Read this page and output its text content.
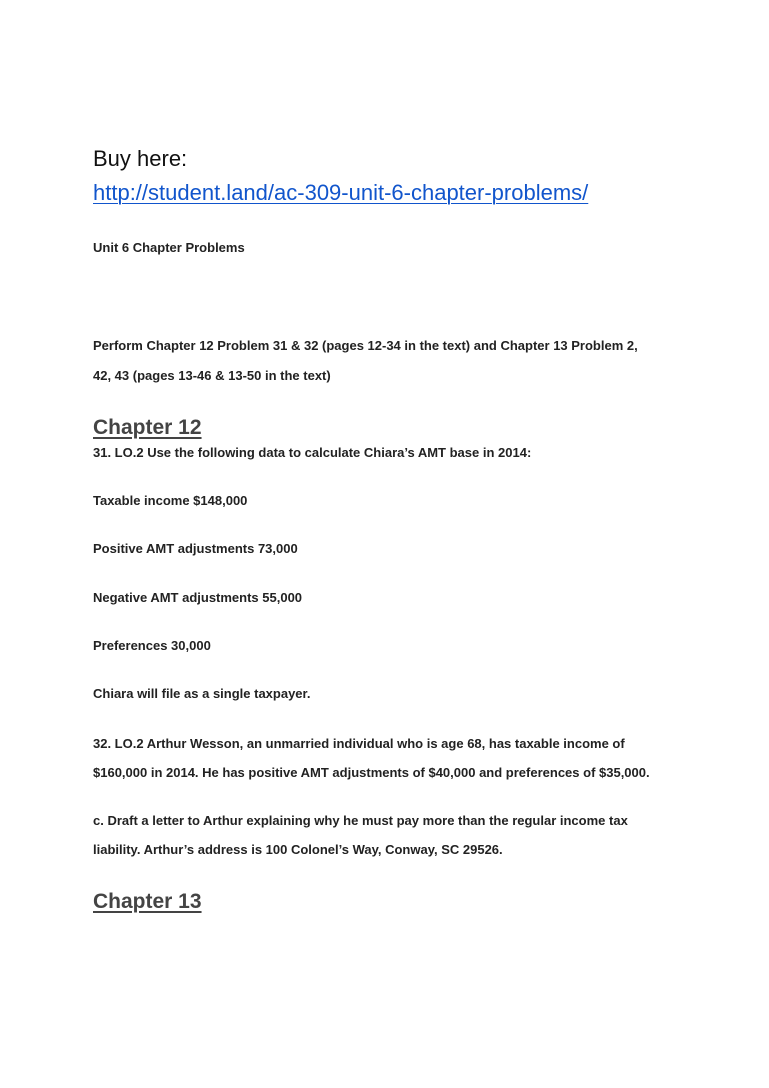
Buy here:
http://student.land/ac-309-unit-6-chapter-problems/
Unit 6 Chapter Problems
Perform Chapter 12 Problem 31 & 32 (pages 12-34 in the text) and Chapter 13 Problem 2,
42, 43 (pages 13-46 & 13-50 in the text)
Chapter 12
31. LO.2 Use the following data to calculate Chiara’s AMT base in 2014:
Taxable income $148,000
Positive AMT adjustments 73,000
Negative AMT adjustments 55,000
Preferences 30,000
Chiara will file as a single taxpayer.
32. LO.2 Arthur Wesson, an unmarried individual who is age 68, has taxable income of
$160,000 in 2014. He has positive AMT adjustments of $40,000 and preferences of $35,000.
c. Draft a letter to Arthur explaining why he must pay more than the regular income tax
liability. Arthur’s address is 100 Colonel’s Way, Conway, SC 29526.
Chapter 13
